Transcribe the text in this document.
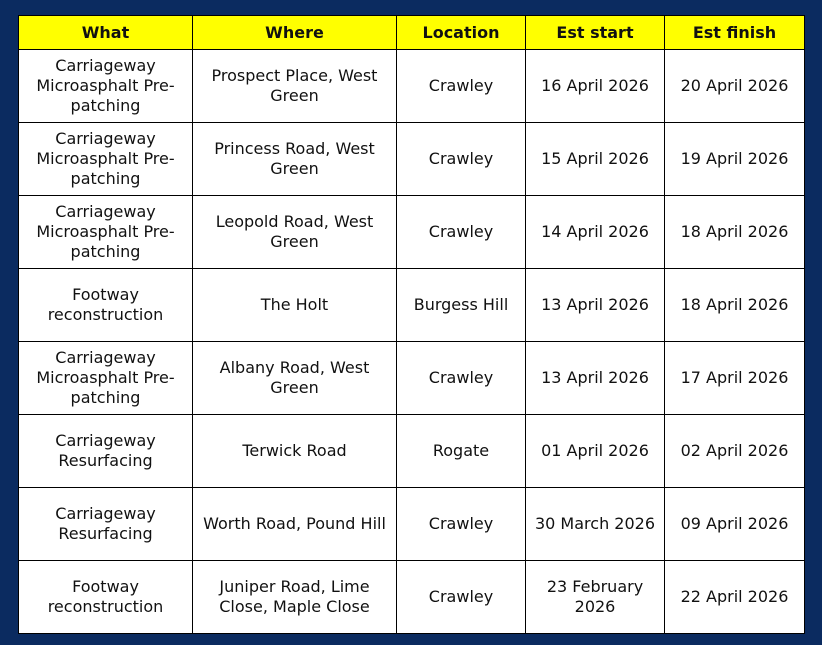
What	Where	Location	Est start	Est finish
Carriageway Microasphalt Pre-patching	Prospect Place, West Green	Crawley	16 April 2026	20 April 2026
Carriageway Microasphalt Pre-patching	Princess Road, West Green	Crawley	15 April 2026	19 April 2026
Carriageway Microasphalt Pre-patching	Leopold Road, West Green	Crawley	14 April 2026	18 April 2026
Footway reconstruction	The Holt	Burgess Hill	13 April 2026	18 April 2026
Carriageway Microasphalt Pre-patching	Albany Road, West Green	Crawley	13 April 2026	17 April 2026
Carriageway Resurfacing	Terwick Road	Rogate	01 April 2026	02 April 2026
Carriageway Resurfacing	Worth Road, Pound Hill	Crawley	30 March 2026	09 April 2026
Footway reconstruction	Juniper Road, Lime Close, Maple Close	Crawley	23 February 2026	22 April 2026
